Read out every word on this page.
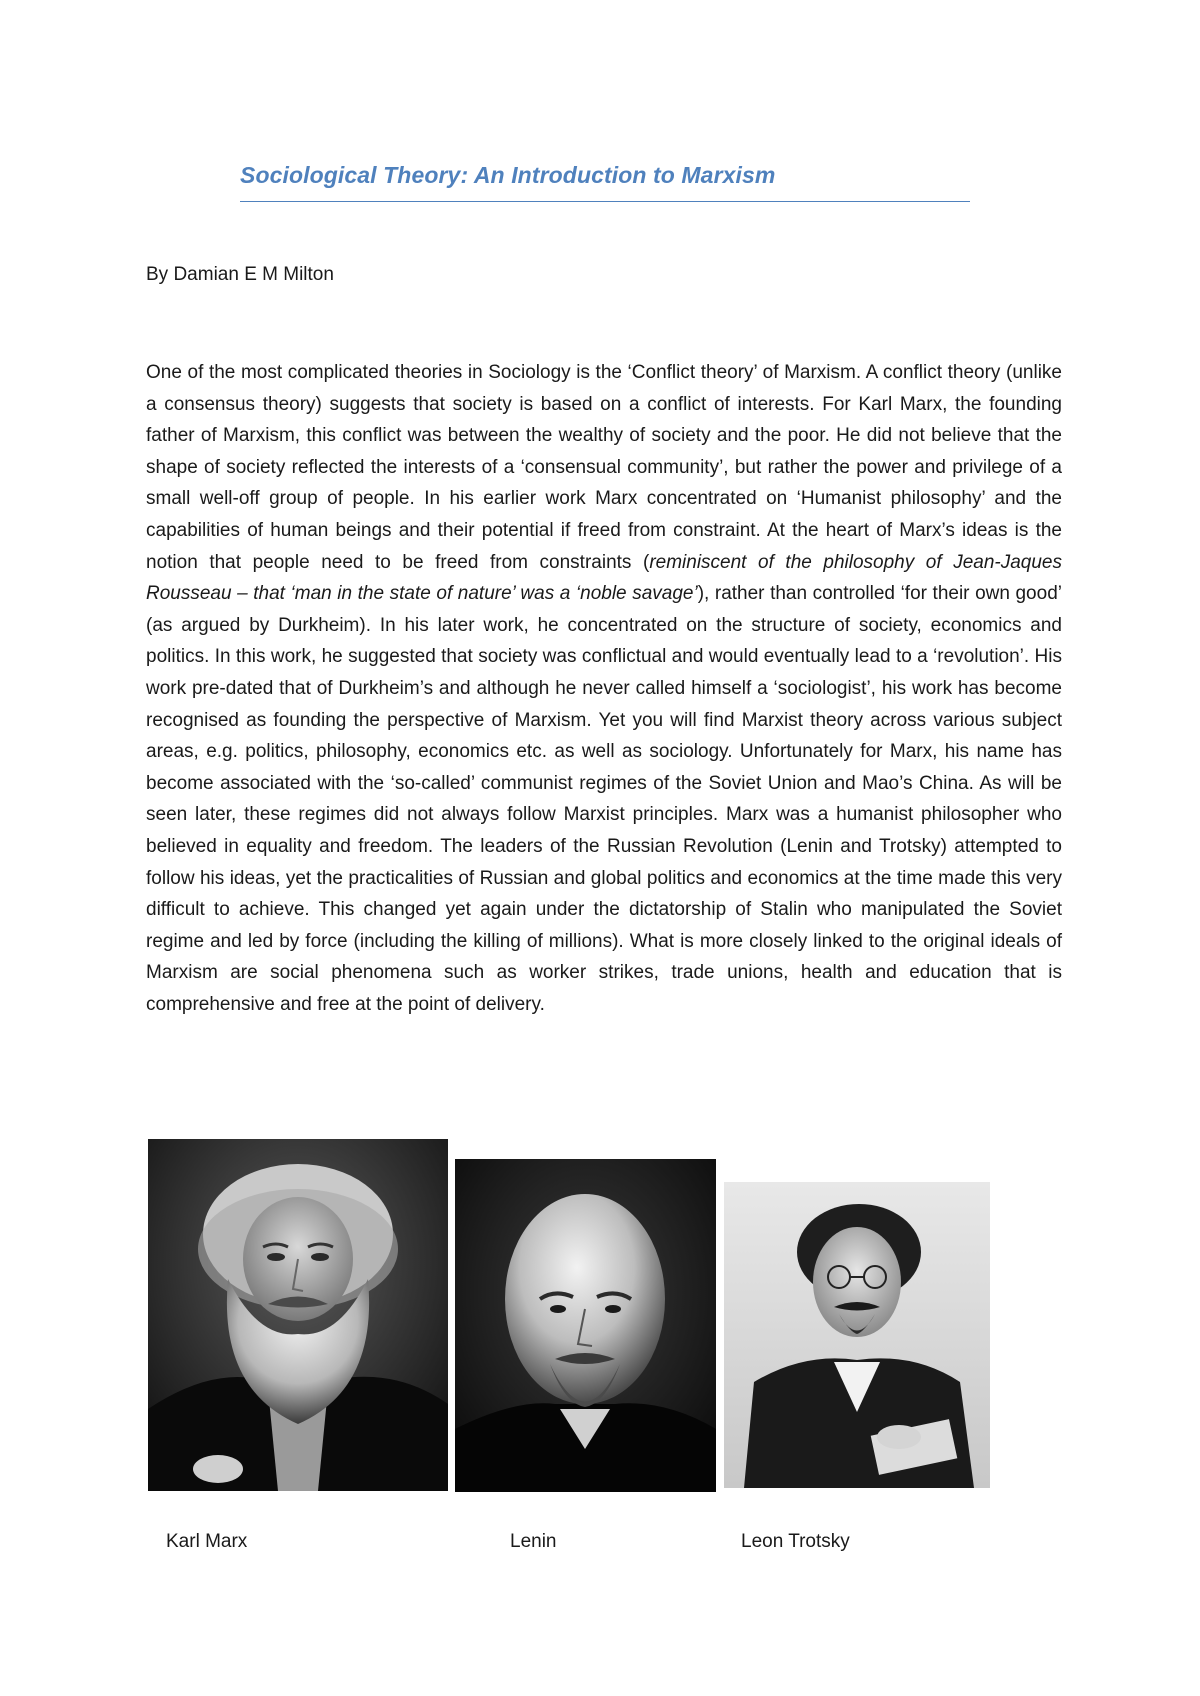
Sociological Theory: An Introduction to Marxism
By Damian E M Milton
One of the most complicated theories in Sociology is the ‘Conflict theory’ of Marxism. A conflict theory (unlike a consensus theory) suggests that society is based on a conflict of interests. For Karl Marx, the founding father of Marxism, this conflict was between the wealthy of society and the poor. He did not believe that the shape of society reflected the interests of a ‘consensual community’, but rather the power and privilege of a small well-off group of people. In his earlier work Marx concentrated on ‘Humanist philosophy’ and the capabilities of human beings and their potential if freed from constraint. At the heart of Marx’s ideas is the notion that people need to be freed from constraints (reminiscent of the philosophy of Jean-Jaques Rousseau – that ‘man in the state of nature’ was a ‘noble savage’), rather than controlled ‘for their own good’ (as argued by Durkheim). In his later work, he concentrated on the structure of society, economics and politics. In this work, he suggested that society was conflictual and would eventually lead to a ‘revolution’. His work pre-dated that of Durkheim’s and although he never called himself a ‘sociologist’, his work has become recognised as founding the perspective of Marxism. Yet you will find Marxist theory across various subject areas, e.g. politics, philosophy, economics etc. as well as sociology. Unfortunately for Marx, his name has become associated with the ‘so-called’ communist regimes of the Soviet Union and Mao’s China. As will be seen later, these regimes did not always follow Marxist principles. Marx was a humanist philosopher who believed in equality and freedom. The leaders of the Russian Revolution (Lenin and Trotsky) attempted to follow his ideas, yet the practicalities of Russian and global politics and economics at the time made this very difficult to achieve. This changed yet again under the dictatorship of Stalin who manipulated the Soviet regime and led by force (including the killing of millions). What is more closely linked to the original ideals of Marxism are social phenomena such as worker strikes, trade unions, health and education that is comprehensive and free at the point of delivery.
Karl Marx	Lenin	Leon Trotsky
